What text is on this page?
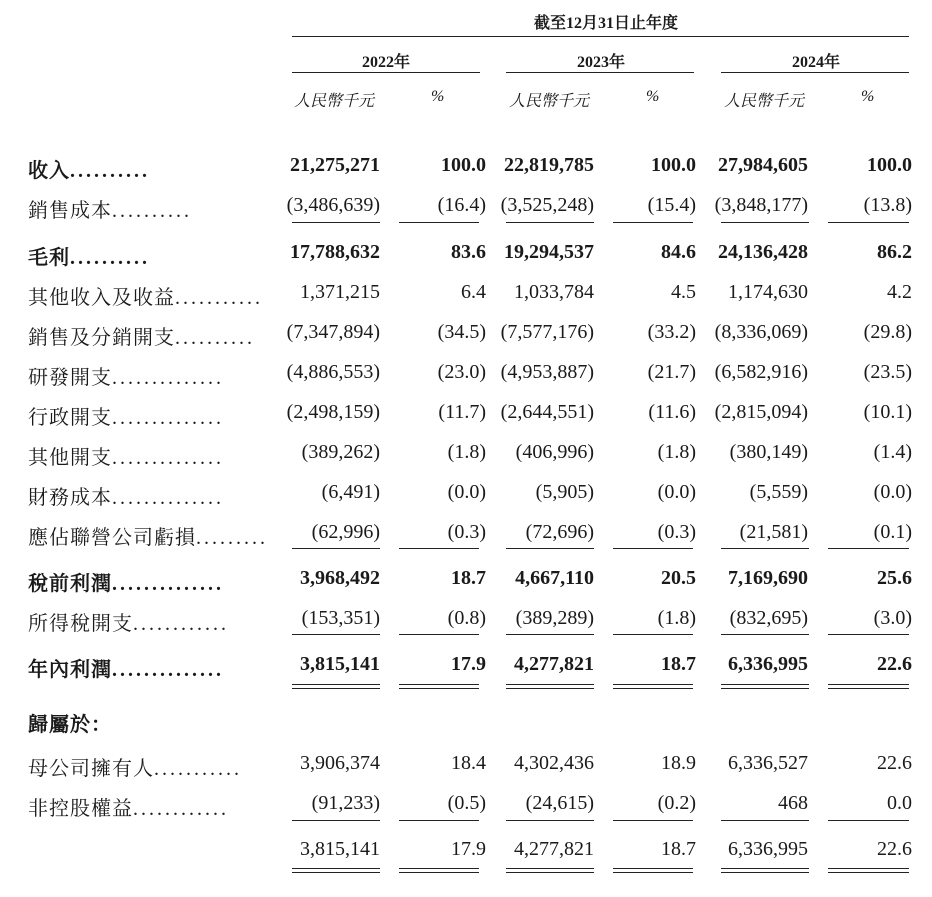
截至12月31日止年度
2022年	2023年	2024年
人民幣千元	%	人民幣千元	%	人民幣千元	%
收入..........	21,275,271	100.0 22,819,785	100.0 27,984,605	100.0
銷售成本..........	(3,486,639)	(16.4) (3,525,248)	(15.4) (3,848,177)	(13.8)
毛利..........	17,788,632	83.6 19,294,537	84.6 24,136,428	86.2
其他收入及收益........... 1,371,215	6.4 1,033,784	4.5 1,174,630	4.2
銷售及分銷開支.......... (7,347,894)	(34.5) (7,577,176)	(33.2) (8,336,069)	(29.8)
研發開支..............	(4,886,553)	(23.0) (4,953,887)	(21.7) (6,582,916)	(23.5)
行政開支..............	(2,498,159)	(11.7) (2,644,551)	(11.6) (2,815,094)	(10.1)
其他開支..............	(389,262)	(1.8) (406,996)	(1.8) (380,149)	(1.4)
財務成本..............	(6,491)	(0.0) (5,905)	(0.0)	(5,559)	(0.0)
應佔聯營公司虧損......... (62,996)	(0.3) (72,696)	(0.3) (21,581)	(0.1)
稅前利潤..............	3,968,492	18.7 4,667,110	20.5 7,169,690	25.6
所得稅開支............	(153,351)	(0.8) (389,289)	(1.8) (832,695)	(3.0)
年內利潤..............	3,815,141	17.9 4,277,821	18.7 6,336,995	22.6
歸屬於：
母公司擁有人...........	3,906,374	18.4 4,302,436	18.9 6,336,527	22.6
非控股權益............	(91,233)	(0.5) (24,615)	(0.2)	468	0.0
3,815,141	17.9 4,277,821	18.7 6,336,995	22.6
